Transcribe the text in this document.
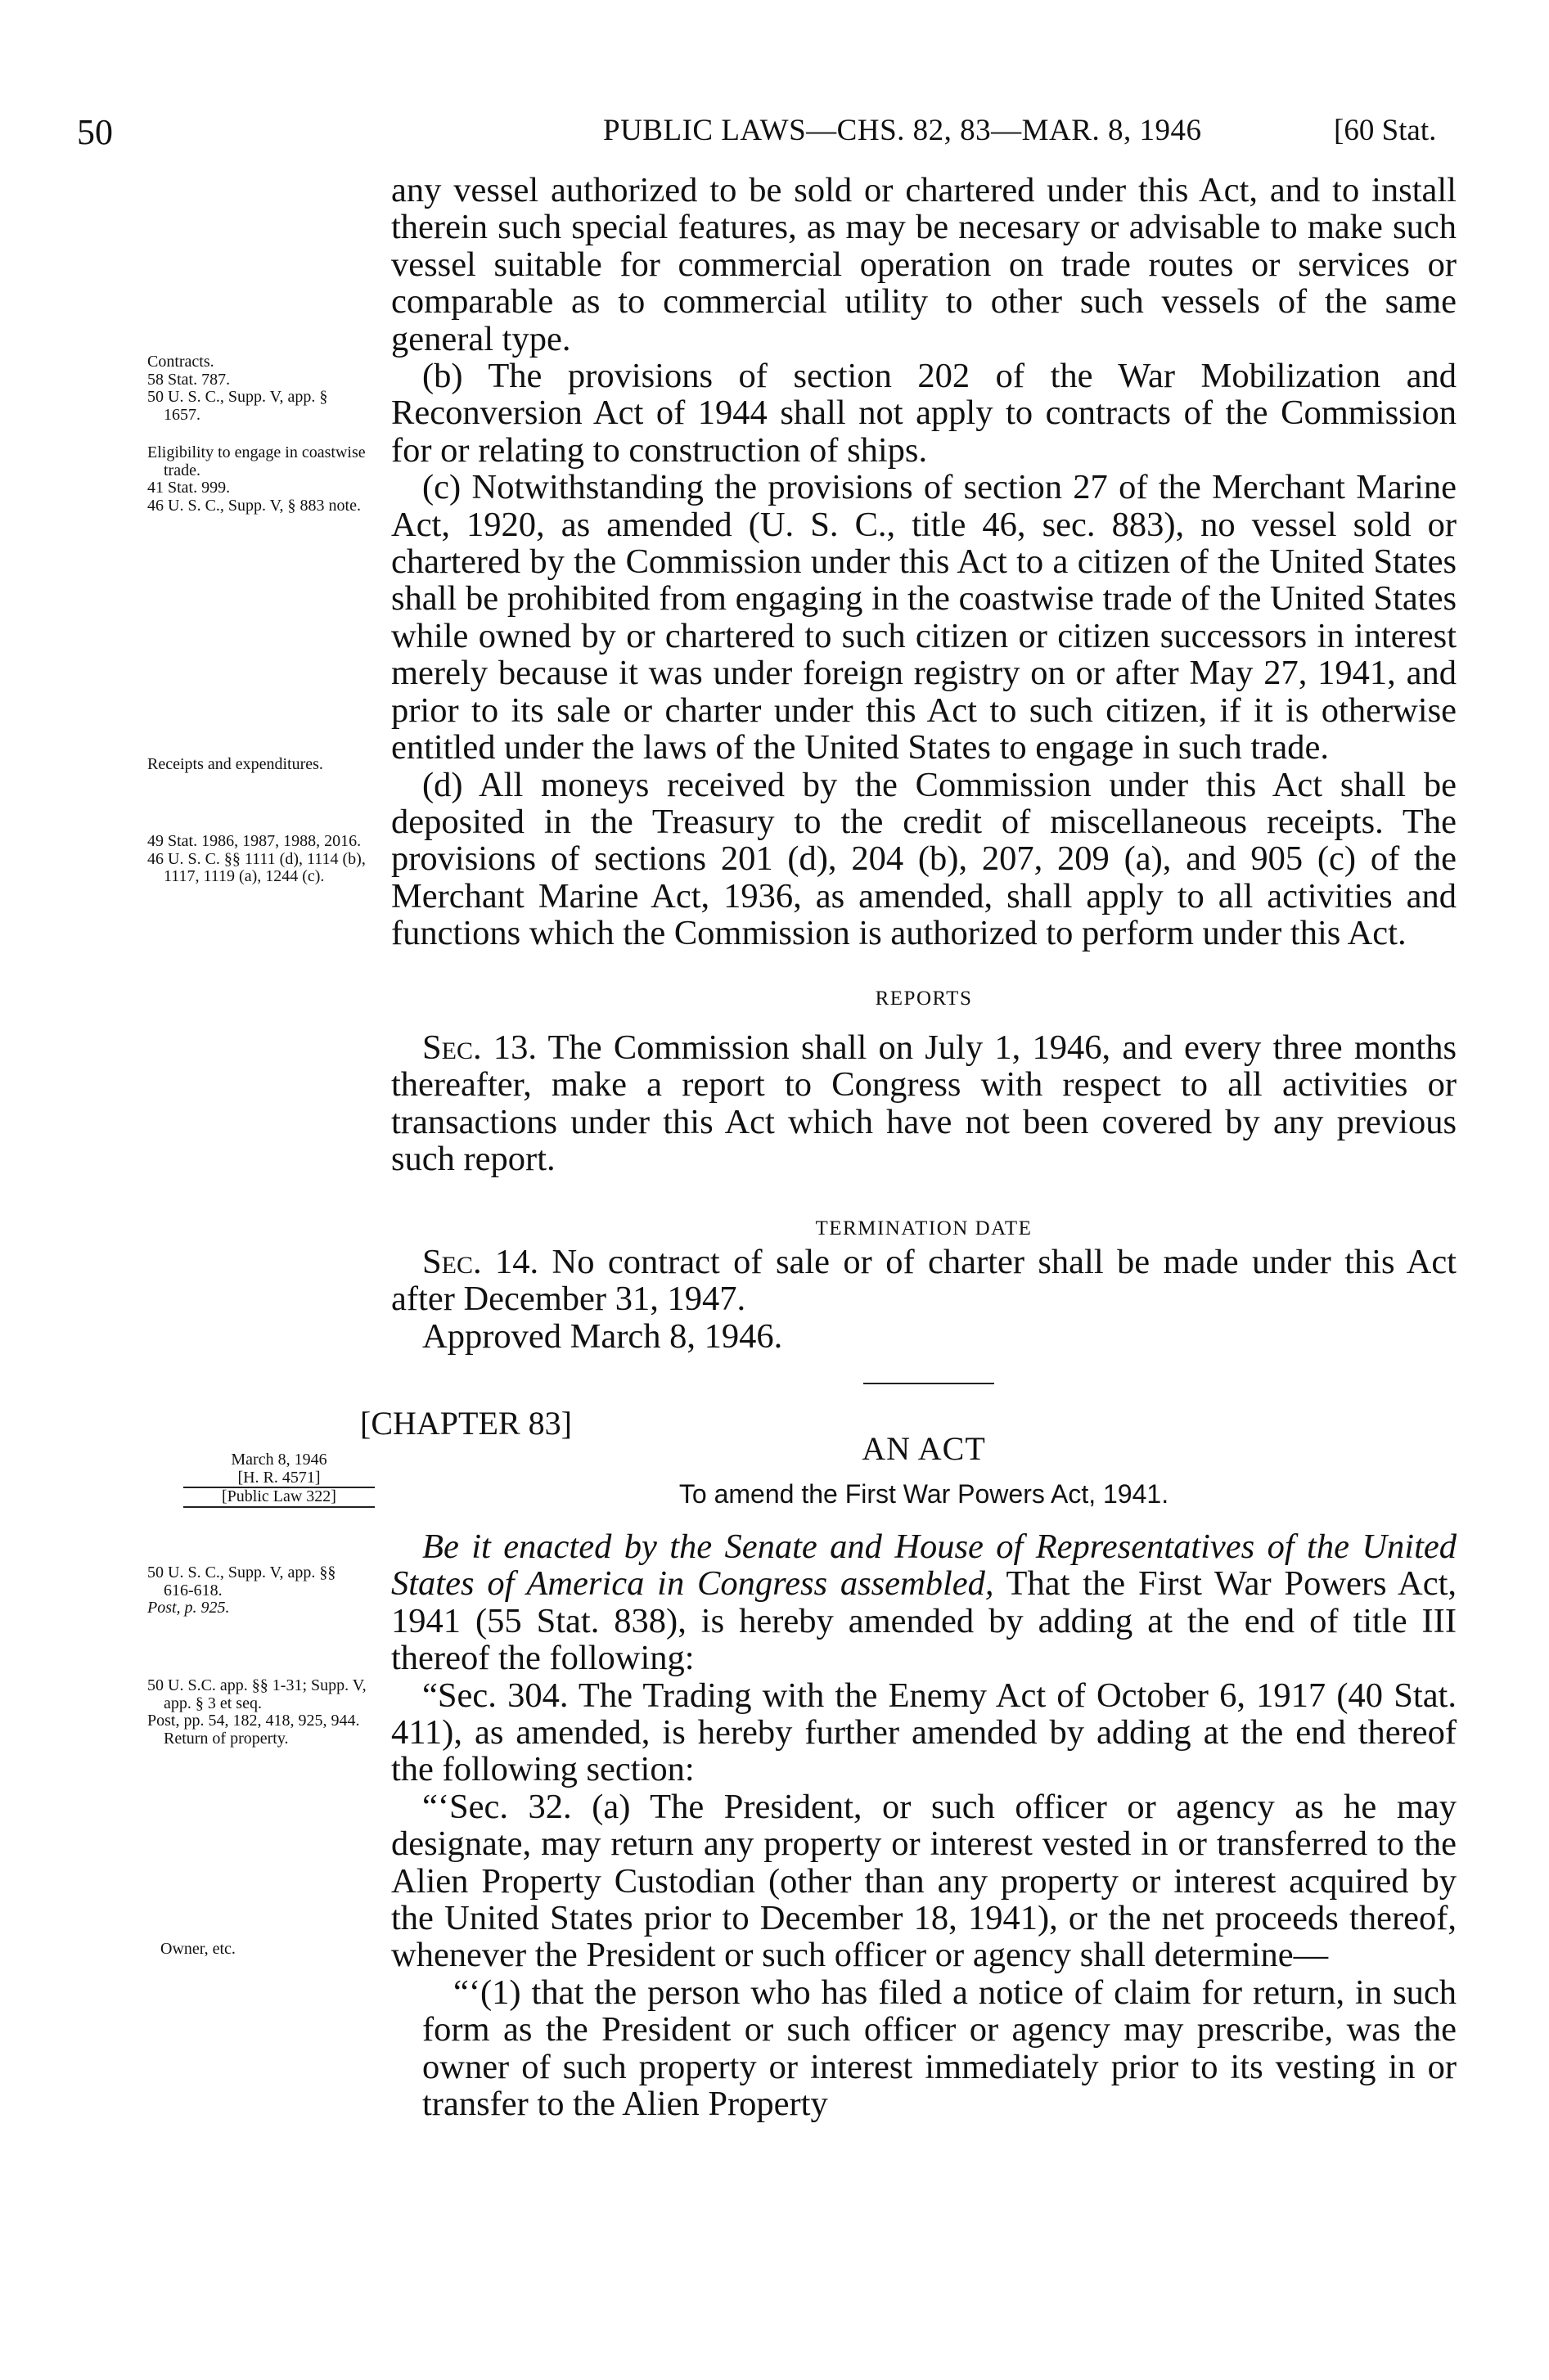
50	PUBLIC LAWS—CHS. 82, 83—MAR. 8, 1946	[60 Stat.

any vessel authorized to be sold or chartered under this Act, and to install therein such special features, as may be necesary or advisable to make such vessel suitable for commercial operation on trade routes or services or comparable as to commercial utility to other such vessels of the same general type.

(b) The provisions of section 202 of the War Mobilization and Reconversion Act of 1944 shall not apply to contracts of the Commission for or relating to construction of ships.

(c) Notwithstanding the provisions of section 27 of the Merchant Marine Act, 1920, as amended (U. S. C., title 46, sec. 883), no vessel sold or chartered by the Commission under this Act to a citizen of the United States shall be prohibited from engaging in the coastwise trade of the United States while owned by or chartered to such citizen or citizen successors in interest merely because it was under foreign registry on or after May 27, 1941, and prior to its sale or charter under this Act to such citizen, if it is otherwise entitled under the laws of the United States to engage in such trade.

(d) All moneys received by the Commission under this Act shall be deposited in the Treasury to the credit of miscellaneous receipts. The provisions of sections 201 (d), 204 (b), 207, 209 (a), and 905 (c) of the Merchant Marine Act, 1936, as amended, shall apply to all activities and functions which the Commission is authorized to perform under this Act.

REPORTS

Sec. 13. The Commission shall on July 1, 1946, and every three months thereafter, make a report to Congress with respect to all activities or transactions under this Act which have not been covered by any previous such report.

TERMINATION DATE

Sec. 14. No contract of sale or of charter shall be made under this Act after December 31, 1947.

Approved March 8, 1946.

[CHAPTER 83]
AN ACT
To amend the First War Powers Act, 1941.

Be it enacted by the Senate and House of Representatives of the United States of America in Congress assembled, That the First War Powers Act, 1941 (55 Stat. 838), is hereby amended by adding at the end of title III thereof the following:

“Sec. 304. The Trading with the Enemy Act of October 6, 1917 (40 Stat. 411), as amended, is hereby further amended by adding at the end thereof the following section:

“‘Sec. 32. (a) The President, or such officer or agency as he may designate, may return any property or interest vested in or transferred to the Alien Property Custodian (other than any property or interest acquired by the United States prior to December 18, 1941), or the net proceeds thereof, whenever the President or such officer or agency shall determine—

“‘(1) that the person who has filed a notice of claim for return, in such form as the President or such officer or agency may prescribe, was the owner of such property or interest immediately prior to its vesting in or transfer to the Alien Property

Contracts.
58 Stat. 787.
50 U. S. C., Supp. V, app. § 1657.
Eligibility to engage in coastwise trade.
41 Stat. 999.
46 U. S. C., Supp. V, § 883 note.
Receipts and expenditures.
49 Stat. 1986, 1987, 1988, 2016.
46 U. S. C. §§ 1111 (d), 1114 (b), 1117, 1119 (a), 1244 (c).
March 8, 1946
[H. R. 4571]
[Public Law 322]
50 U. S. C., Supp. V, app. §§ 616-618.
Post, p. 925.
50 U. S.C. app. §§ 1-31; Supp. V, app. § 3 et seq.
Post, pp. 54, 182, 418, 925, 944.
Return of property.
Owner, etc.
